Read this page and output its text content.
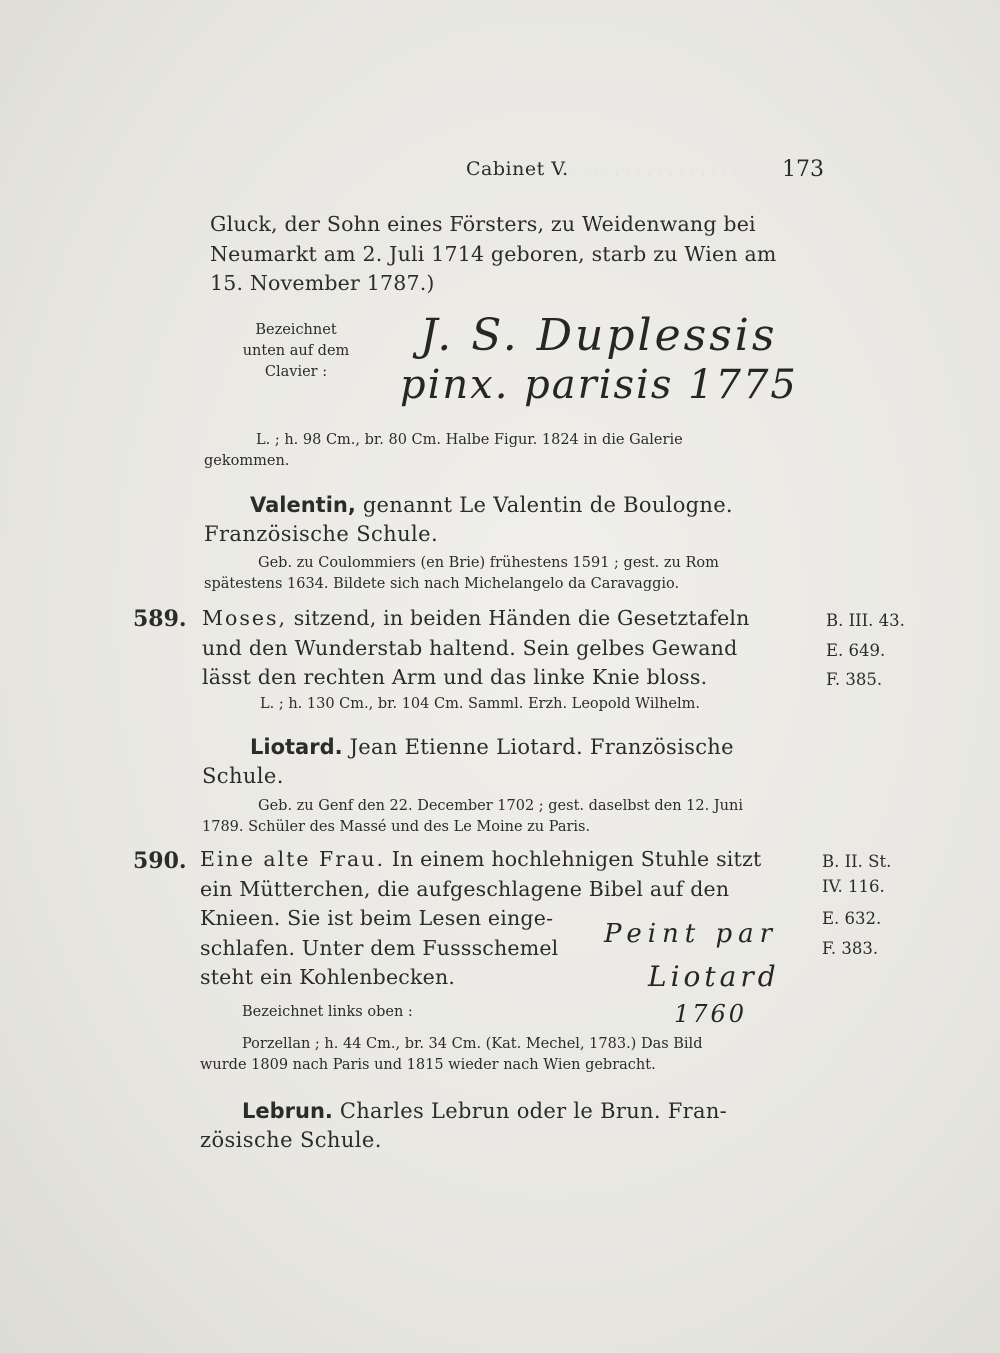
. . . . . . . . . . . . . . . . . . .
Cabinet V.	173
Gluck, der Sohn eines Försters, zu Weidenwang bei
Neumarkt am 2. Juli 1714 geboren, starb zu Wien am
15. November 1787.)
Bezeichnet
unten auf dem
Clavier :
J. S. Duplessis
pinx. parisis 1775
L. ; h. 98 Cm., br. 80 Cm. Halbe Figur. 1824 in die Galerie
gekommen.
Valentin, genannt Le Valentin de Boulogne.
Französische Schule.
Geb. zu Coulommiers (en Brie) frühestens 1591 ; gest. zu Rom
spätestens 1634. Bildete sich nach Michelangelo da Caravaggio.
589. Moses, sitzend, in beiden Händen die Gesetztafeln
und den Wunderstab haltend. Sein gelbes Gewand
lässt den rechten Arm und das linke Knie bloss.
L. ; h. 130 Cm., br. 104 Cm. Samml. Erzh. Leopold Wilhelm.
B. III. 43.
E. 649.
F. 385.
Liotard. Jean Etienne Liotard. Französische
Schule.
Geb. zu Genf den 22. December 1702 ; gest. daselbst den 12. Juni
1789. Schüler des Massé und des Le Moine zu Paris.
590. Eine alte Frau. In einem hochlehnigen Stuhle sitzt
ein Mütterchen, die aufgeschlagene Bibel auf den
Knieen. Sie ist beim Lesen einge-
schlafen. Unter dem Fussschemel
steht ein Kohlenbecken.
Peint par
Liotard
1760
Bezeichnet links oben :
Porzellan ; h. 44 Cm., br. 34 Cm. (Kat. Mechel, 1783.) Das Bild
wurde 1809 nach Paris und 1815 wieder nach Wien gebracht.
B. II. St.
IV. 116.
E. 632.
F. 383.
Lebrun. Charles Lebrun oder le Brun. Fran-
zösische Schule.
